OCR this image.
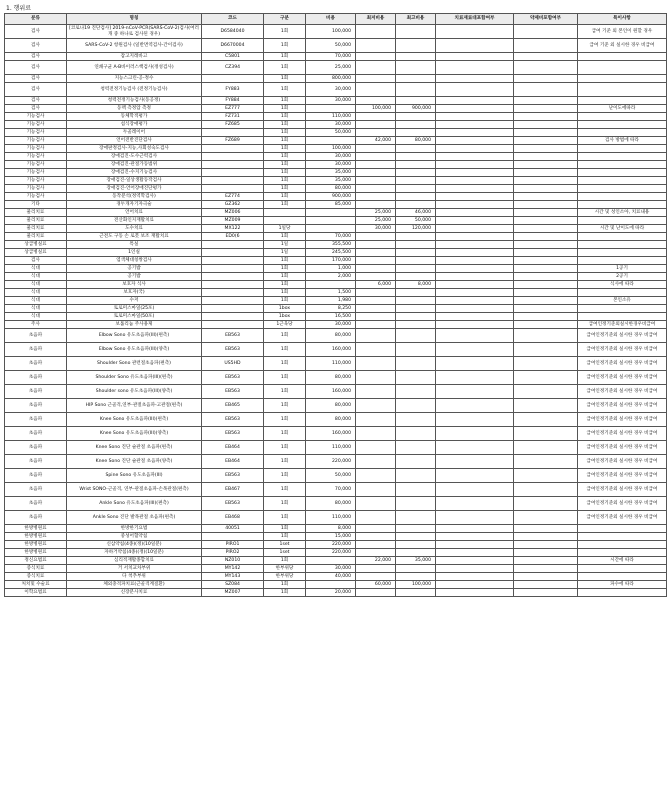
1. 행위료
분류	명칭	코드	구분	비용	최저비용	최고비용	치료재료대포함여부	약제비포함여부	특이사항
검사	[코로나19 진단검사] 2019-nCoV-PCR(SARS-CoV-2)검사(여러개 중 하나로 검사된 경우)	D6584040	1회	100,000					급여 기준 외 본인이 원할 경우
검사	SARS-CoV-2 항원검사 (일반면역검사-간이검사)	D6670004	1회	50,000					급여 기준 외 실시한 경우 비급여
검사	잠고지레바고	C5801	1회	70,000					
검사	연쇄구균 A-B바이러스핵검사(정성검사)	CZ394	1회	25,000					
검사	지능스크린-공-정수		1회	800,000					
검사	청력전정기능검사 (전정기능검사)	FY883	1회	30,000					
검사	청력전정기능검사(동공정)	FY884	1회	30,000					
검사	동맥 측정압 측정	EZ777	1회		100,000	900,000			난이도에따라
기능검사	동체학적평가	FZ731	1회	110,000					
기능검사	섭식장애평가	FZ685	1회	30,000					
기능검사	두골레이어		1회	50,000					
기능검사	언어전반진단검사	FZ689	1회		42,000	80,000			검사 방법에 따라
기능검사	장애판정검사-지능,사회성숙도검사		1회	100,000					
기능검사	장애검진-도수근력검사		1회	30,000					
기능검사	장애검진-관절가동범위		1회	30,000					
기능검사	장애검진-수지기능검사		1회	35,000					
기능검사	장애검진-일상생활동작검사		1회	35,000					
기능검사	장애검진-언어장애진단평가		1회	80,000					
기능검사	동작분석(정역학검사)	EZ774	1회	900,000					
기타	경두개자기자극술	GZ362	1회	85,000					
물리치료	언어치료	MZ006			25,000	46,000			시간 및 성인소아, 치료내용
물리치료	전산화인지재활치료	MZ009			25,000	50,000			
물리치료	도수치료	MX122	1일당		30,000	120,000			시간 및 난이도에 따라
물리치료	근전도 구동 손 로봇 보조 재활치료	ED0(6	1회	70,000					
상급병실료	특실		1일	355,500					
상급병실료	1인실		1일	245,500					
검사	염색체대칭쌍검사		1회	170,000					
식대	공기밥		1회	1,000					1공기
식대	공기밥		1회	2,000					2공기
식대	보호자 식사		1회		6,000	8,000			식사에 따라
식대	보호자(국)		1회	1,500					
식대	수저		1회	1,980					본인소유
식대	토로미스마일(25포)		1box	8,250					
식대	토로미스마일(50포)		1box	16,500					
주사	보툴리눔 주사용제		1근육당	30,000					급여인정기준외실시한경우비급여
초음파	Elbow Sono 유도초음파(III)(편측)	EB563	1회	80,000					급여인정기준외 실시한 경우 비급여
초음파	Elbow Sono 유도초음파(III)(양측)	EB563	1회	160,000					급여인정기준외 실시한 경우 비급여
초음파	Shoulder Sono 관련절초음파(편측)	US5HD	1회	110,000					급여인정기준외 실시한 경우 비급여
초음파	Shoulder Sono 유도초음파(III)(편측)	EB563	1회	80,000					급여인정기준외 실시한 경우 비급여
초음파	Shoulder sono 유도초음파(III)(양측)	EB563	1회	160,000					급여인정기준외 실시한 경우 비급여
초음파	HIP Sono 근골격,연부-관절초음파-고관절(편측)	EB465	1회	80,000					급여인정기준외 실시한 경우 비급여
초음파	Knee Sono 유도초음파(III)(편측)	EB563	1회	80,000					급여인정기준외 실시한 경우 비급여
초음파	Knee Sono 유도초음파(III)(양측)	EB563	1회	160,000					급여인정기준외 실시한 경우 비급여
초음파	Knee Sono 진단 슬관절 초음파(편측)	EB464	1회	110,000					급여인정기준외 실시한 경우 비급여
초음파	Knee Sono 진단 슬관절 초음파(양측)	EB464	1회	220,000					급여인정기준외 실시한 경우 비급여
초음파	Spine Sono 유도초음파(III)	EB563	1회	50,000					급여인정기준외 실시한 경우 비급여
초음파	Wrist SONO-근골격, 연부-관절초음파-손목관절(편측)	EB467	1회	70,000					급여인정기준외 실시한 경우 비급여
초음파	Ankle Sono 유도초음파(III)(편측)	EB563	1회	80,000					급여인정기준외 실시한 경우 비급여
초음파	Ankle Sono 진단 발목관절 초음파(편측)	EB468	1회	110,000					급여인정기준외 실시한 경우 비급여
한방병원료	한방한기요법	40051	1회	8,000					
한방병원료	중성어혈약침		1회	15,000					
한방병원료	신삼약침(4종)(정)(10일분)	PIRO1	1set	220,000					
한방병원료	자하거약침(4종)(정)(10일분)	PIRO2	1set	220,000					
정신요법료	심리적재활종합치료	NZ010	1회		22,000	35,000			시간에 따라
증식치료	거 서치교차부위	MY142	한부위당	30,000					
증식치료	다 척추부위	MY143	한부위당	40,000					
처치및 수술료	체외충격파치료(근골격계질환)	SZ084	1회		60,000	100,000			파수에 따라
이학요법료	신장분사치료	MZ007	1회	20,000					
